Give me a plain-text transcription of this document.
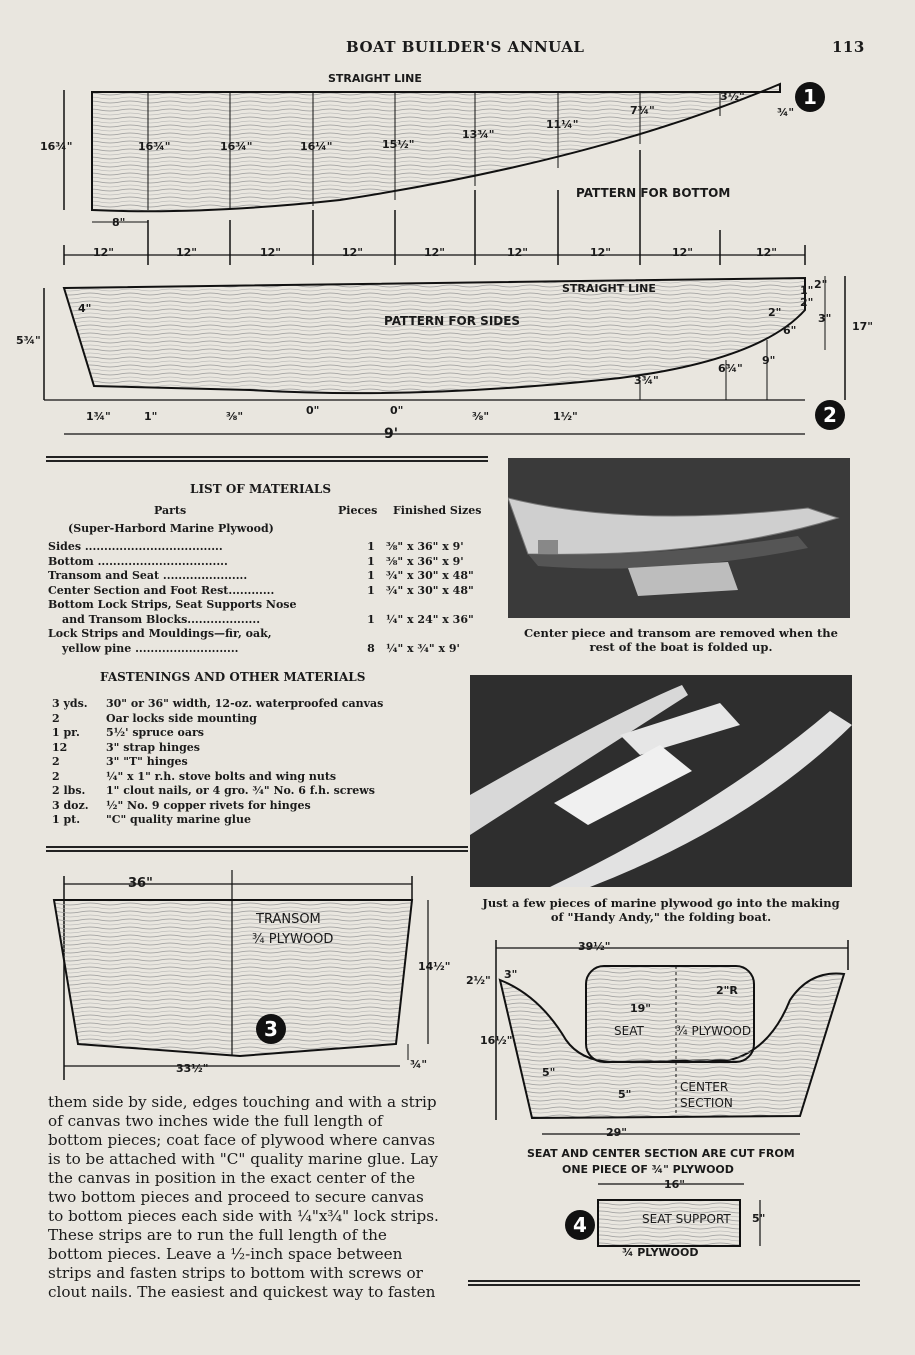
BOAT BUILDER'S ANNUAL	113
STRAIGHT LINE
PATTERN FOR BOTTOM
1
16¾"	16¾"	16¾"	16¼"	15½"
13¾"
11¼"
7¾"
3½"
¾"
8"
12"	12"	12"	12"	12"	12"	12"	12"	12"
STRAIGHT LINE
PATTERN FOR SIDES
2
4"
5¾"
2"
1"
2"
3"
2"
6"	17"
9"
6¾"
3¾"
1¾"	1"	⅜"	0"	0"	⅜"	1½"
9'
LIST OF MATERIALS
Parts	Pieces Finished Sizes
(Super-Harbord Marine Plywood)
Sides ....................................	1	⅜" x 36" x 9'
Bottom ..................................	1	⅜" x 36" x 9'
Transom and Seat ......................	1	¾" x 30" x 48"
Center Section and Foot Rest............	1	¾" x 30" x 48"
Bottom Lock Strips, Seat Supports Nose		
and Transom Blocks...................	1	¼" x 24" x 36"
Lock Strips and Mouldings—fir, oak,		
yellow pine ...........................	8	¼" x ¾" x 9'
FASTENINGS AND OTHER MATERIALS
3 yds.	30" or 36" width, 12-oz. waterproofed canvas
2	Oar locks side mounting
1 pr.	5½' spruce oars
12	3" strap hinges
2	3" "T" hinges
2	¼" x 1" r.h. stove bolts and wing nuts
2 lbs.	1" clout nails, or 4 gro. ¾" No. 6 f.h. screws
3 doz.	½" No. 9 copper rivets for hinges
1 pt.	"C" quality marine glue
Center piece and transom are removed when the rest of the boat is folded up.
Just a few pieces of marine plywood go into the making of "Handy Andy," the folding boat.
36"
TRANSOM
¾ PLYWOOD
14½"
33½"	¾"
3
39½"
2½" 3"
16½"
19"
2"R
5"
5"
29"
SEAT	¾ PLYWOOD
CENTER
SECTION
SEAT AND CENTER SECTION ARE CUT FROM
ONE PIECE OF ¾" PLYWOOD
16"
SEAT SUPPORT 5"
¾ PLYWOOD
4
them side by side, edges touching and with a strip of canvas two inches wide the full length of bottom pieces; coat face of plywood where canvas is to be attached with "C" quality marine glue. Lay the canvas in position in the exact center of the two bottom pieces and proceed to secure canvas to bottom pieces each side with ¼"x¾" lock strips. These strips are to run the full length of the bottom pieces. Leave a ½-inch space between strips and fasten strips to bottom with screws or clout nails. The easiest and quickest way to fasten
